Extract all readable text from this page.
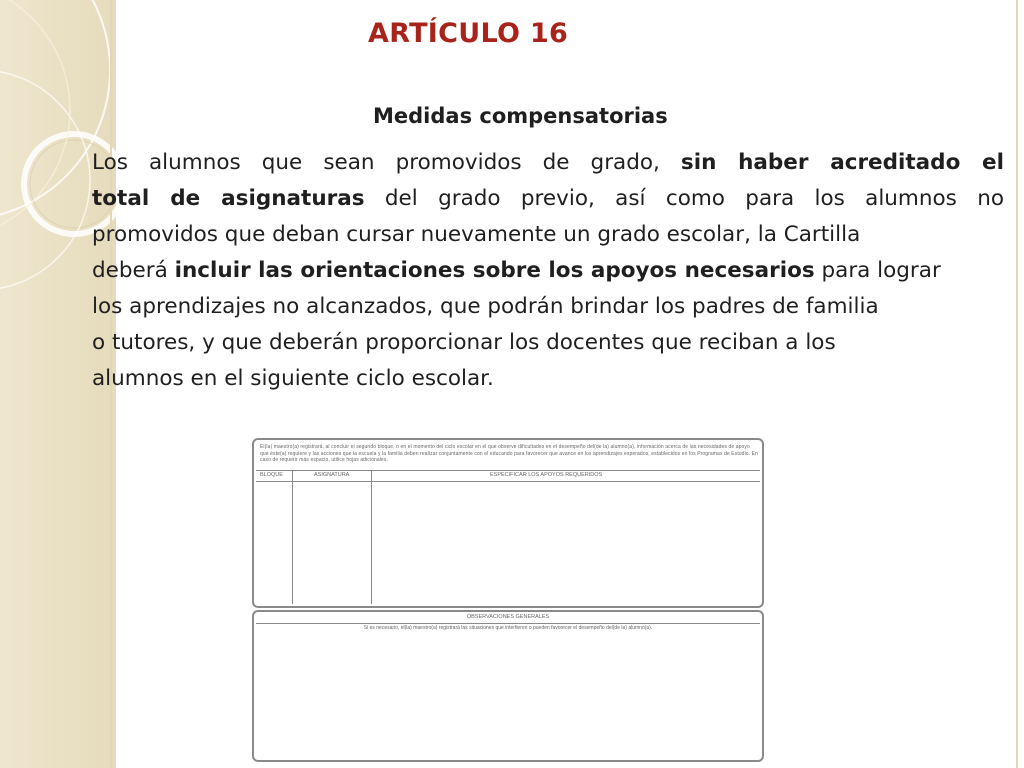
ARTÍCULO 16
Medidas compensatorias
Los alumnos que sean promovidos de grado, sin haber acreditado el
total de asignaturas del grado previo, así como para los alumnos no
promovidos que deban cursar nuevamente un grado escolar, la Cartilla
deberá incluir las orientaciones sobre los apoyos necesarios para lograr
los aprendizajes no alcanzados, que podrán brindar los padres de familia
o tutores, y que deberán proporcionar los docentes que reciban a los
alumnos en el siguiente ciclo escolar.
El(la) maestro(a) registrará, al concluir el segundo bloque, o en el momento del ciclo escolar en el que observe dificultades en el desempeño del(de la) alumno(a), información acerca de las necesidades de apoyo que éste(a) requiere y las acciones que la escuela y la familia deben realizar conjuntamente con el educando para favorecer que avance en los aprendizajes esperados, establecidos en los Programas de Estudio. En caso de requerir más espacio, utilice hojas adicionales.
BLOQUE	ASIGNATURA	ESPECIFICAR LOS APOYOS REQUERIDOS
OBSERVACIONES GENERALES
Si es necesario, el(la) maestro(a) registrará las situaciones que interfieren o pueden favorecer el desempeño del(de la) alumno(a).
